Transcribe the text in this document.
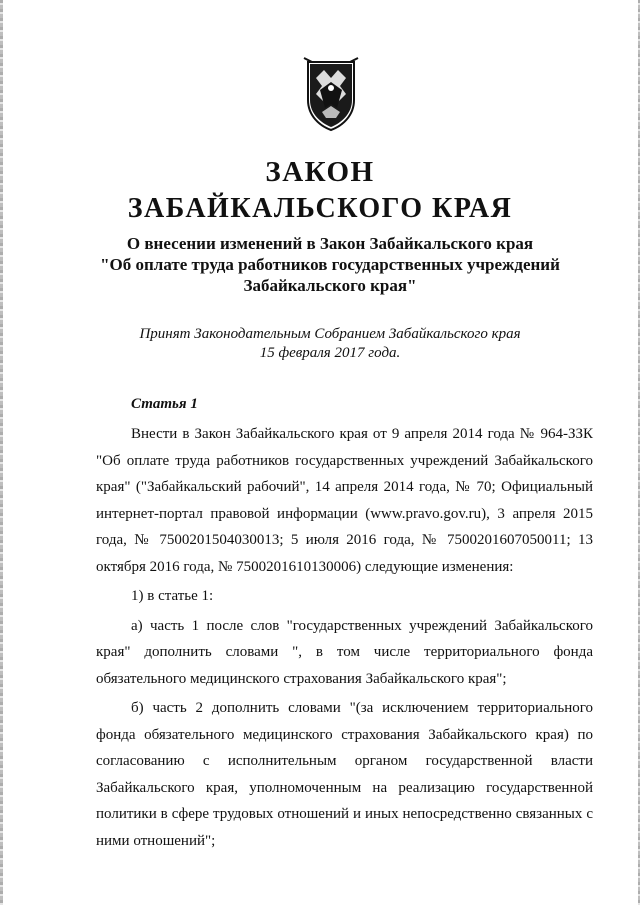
ЗАКОН
ЗАБАЙКАЛЬСКОГО КРАЯ
О внесении изменений в Закон Забайкальского края
"Об оплате труда работников государственных учреждений
Забайкальского края"
Принят Законодательным Собранием Забайкальского края
15 февраля 2017 года.
Статья 1

Внести в Закон Забайкальского края от 9 апреля 2014 года № 964-ЗЗК "Об оплате труда работников государственных учреждений Забайкальского края" ("Забайкальский рабочий", 14 апреля 2014 года, № 70; Официальный интернет-портал правовой информации (www.pravo.gov.ru), 3 апреля 2015 года, № 7500201504030013; 5 июля 2016 года, № 7500201607050011; 13 октября 2016 года, № 7500201610130006) следующие изменения:

1) в статье 1:

а) часть 1 после слов "государственных учреждений Забайкальского края" дополнить словами ", в том числе территориального фонда обязательного медицинского страхования Забайкальского края";

б) часть 2 дополнить словами "(за исключением территориального фонда обязательного медицинского страхования Забайкальского края) по согласованию с исполнительным органом государственной власти Забайкальского края, уполномоченным на реализацию государственной политики в сфере трудовых отношений и иных непосредственно связанных с ними отношений";
